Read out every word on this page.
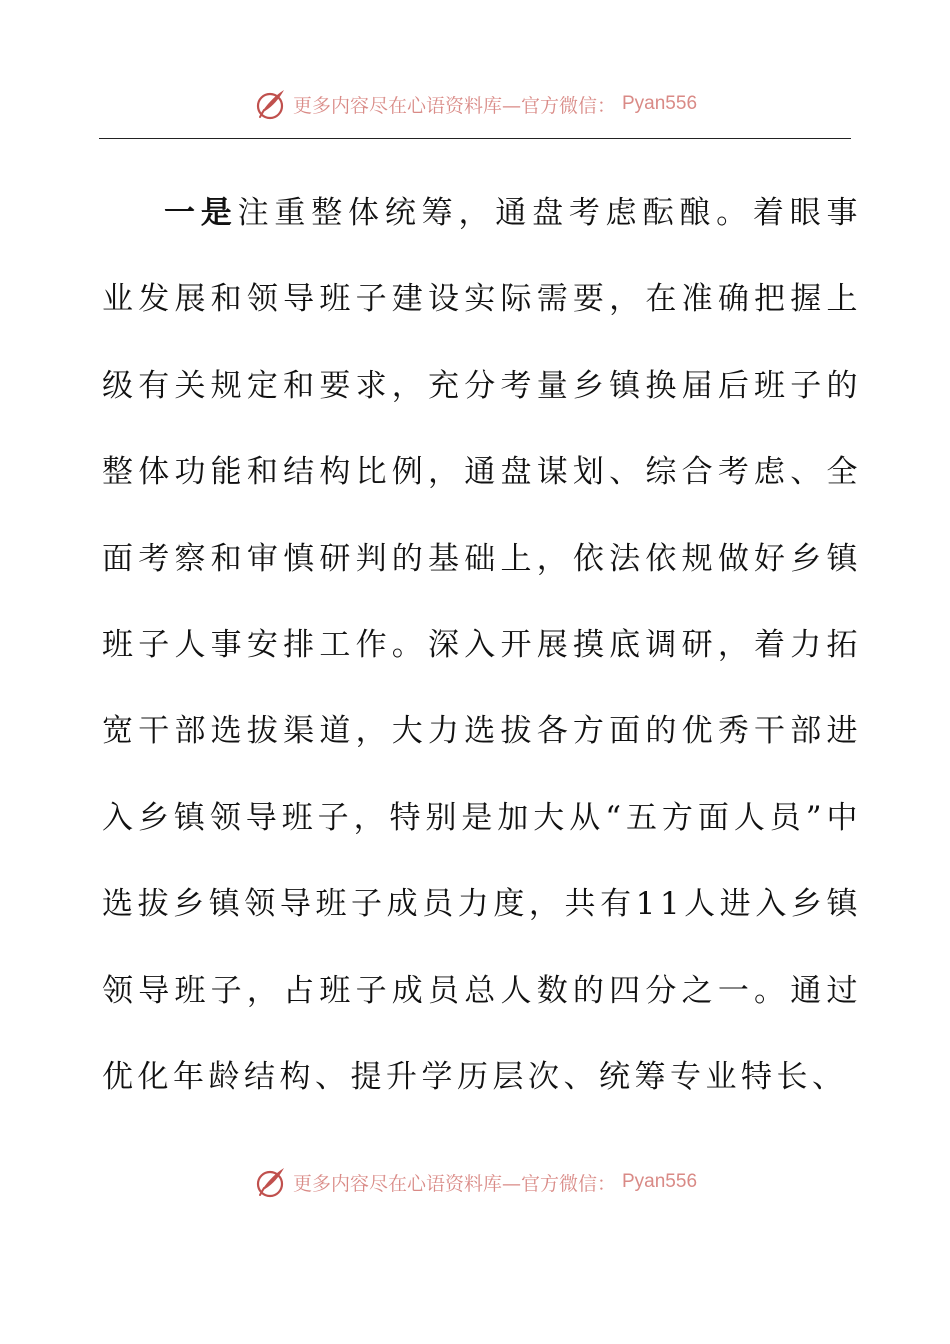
更多内容尽在心语资料库—官方微信： Pyan556

一是注重整体统筹，通盘考虑酝酿。着眼事业发展和领导班子建设实际需要，在准确把握上级有关规定和要求，充分考量乡镇换届后班子的整体功能和结构比例，通盘谋划、综合考虑、全面考察和审慎研判的基础上，依法依规做好乡镇班子人事安排工作。深入开展摸底调研，着力拓宽干部选拔渠道，大力选拔各方面的优秀干部进入乡镇领导班子，特别是加大从“五方面人员”中选拔乡镇领导班子成员力度，共有11人进入乡镇领导班子，占班子成员总人数的四分之一。通过优化年龄结构、提升学历层次、统筹专业特长、

更多内容尽在心语资料库—官方微信： Pyan556
